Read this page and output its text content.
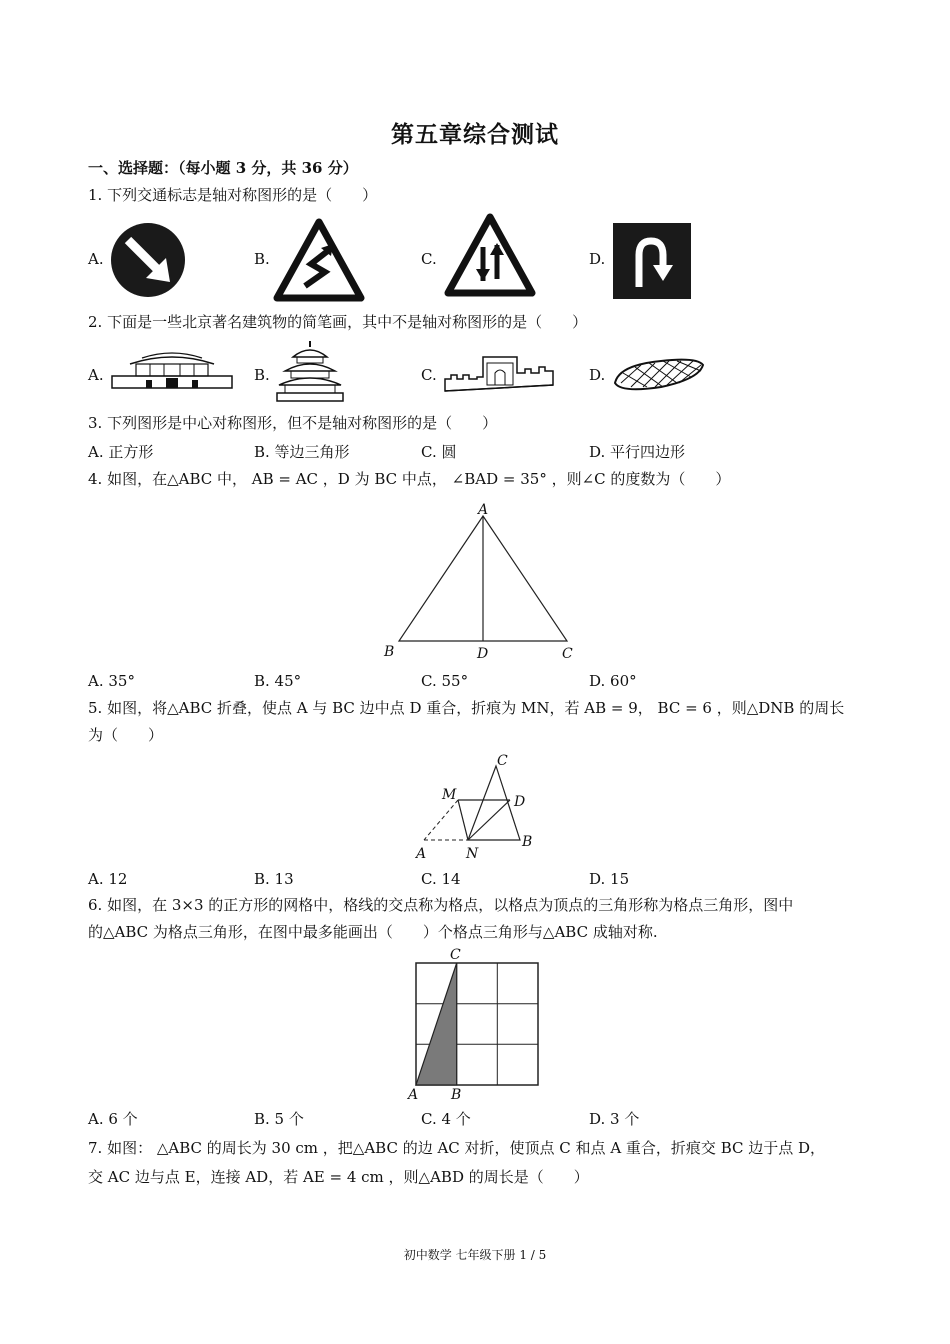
第五章综合测试
一、选择题：（每小题 3 分，共 36 分）
1. 下列交通标志是轴对称图形的是（　　）
A.	B.	C.	D.
2. 下面是一些北京著名建筑物的简笔画，其中不是轴对称图形的是（　　）
A.	B.	C.	D.
3. 下列图形是中心对称图形，但不是轴对称图形的是（　　）
A. 正方形	B. 等边三角形	C. 圆	D. 平行四边形
4. 如图，在△ABC 中， AB = AC ，D 为 BC 中点， ∠BAD = 35° ，则∠C 的度数为（　　）
A
B	D	C
A. 35°	B. 45°	C. 55°	D. 60°
5. 如图，将△ABC 折叠，使点 A 与 BC 边中点 D 重合，折痕为 MN，若 AB = 9， BC = 6 ，则△DNB 的周长
为（　　）
C
M	D
A	N
B
A. 12	B. 13	C. 14	D. 15
6. 如图，在 3×3 的正方形的网格中，格线的交点称为格点，以格点为顶点的三角形称为格点三角形，图中
的△ABC 为格点三角形，在图中最多能画出（　　）个格点三角形与△ABC 成轴对称.
C
A B
A. 6 个	B. 5 个	C. 4 个	D. 3 个
7. 如图： △ABC 的周长为 30 cm ，把△ABC 的边 AC 对折，使顶点 C 和点 A 重合，折痕交 BC 边于点 D，
交 AC 边与点 E，连接 AD，若 AE = 4 cm ，则△ABD 的周长是（　　）
初中数学 七年级下册 1 / 5
